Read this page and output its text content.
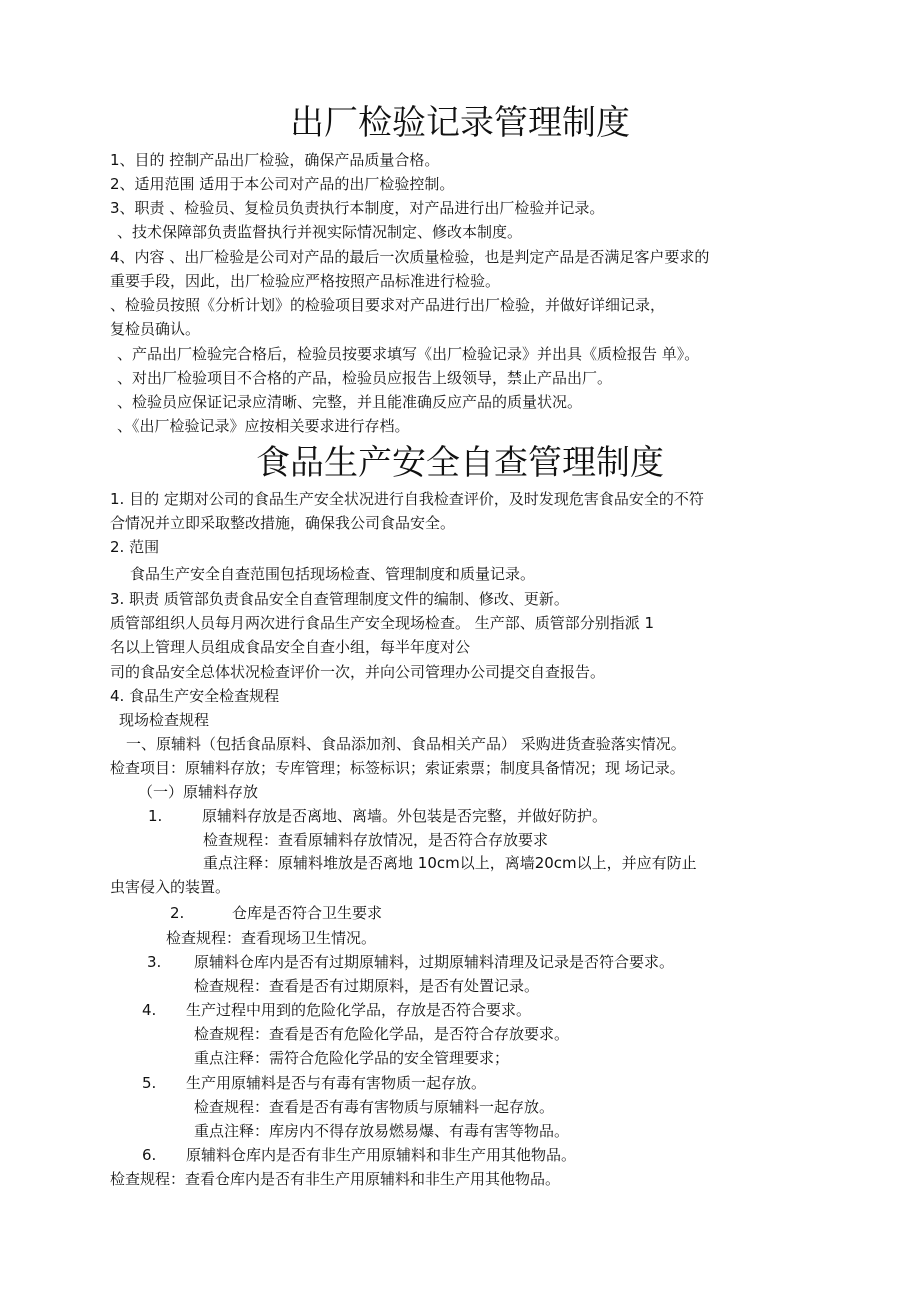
出厂检验记录管理制度
1、目的 控制产品出厂检验，确保产品质量合格。
2、适用范围 适用于本公司对产品的出厂检验控制。
3、职责 、检验员、复检员负责执行本制度，对产品进行出厂检验并记录。
、技术保障部负责监督执行并视实际情况制定、修改本制度。
4、内容 、出厂检验是公司对产品的最后一次质量检验，也是判定产品是否满足客户要求的
重要手段，因此，出厂检验应严格按照产品标准进行检验。
、检验员按照《分析计划》的检验项目要求对产品进行出厂检验，并做好详细记录，
复检员确认。
、产品出厂检验完合格后，检验员按要求填写《出厂检验记录》并出具《质检报告 单》。
、对出厂检验项目不合格的产品，检验员应报告上级领导，禁止产品出厂。
、检验员应保证记录应清晰、完整，并且能准确反应产品的质量状况。
、《出厂检验记录》应按相关要求进行存档。
食品生产安全自查管理制度
1. 目的 定期对公司的食品生产安全状况进行自我检查评价，及时发现危害食品安全的不符
合情况并立即采取整改措施，确保我公司食品安全。
2. 范围
食品生产安全自查范围包括现场检查、管理制度和质量记录。
3. 职责 质管部负责食品安全自查管理制度文件的编制、修改、更新。
质管部组织人员每月两次进行食品生产安全现场检查。 生产部、质管部分别指派 1
名以上管理人员组成食品安全自查小组，每半年度对公
司的食品安全总体状况检查评价一次，并向公司管理办公司提交自查报告。
4. 食品生产安全检查规程
现场检查规程
一、原辅料（包括食品原料、食品添加剂、食品相关产品） 采购进货查验落实情况。
检查项目：原辅料存放；专库管理；标签标识；索证索票；制度具备情况；现 场记录。
（一）原辅料存放
1.	原辅料存放是否离地、离墙。外包装是否完整，并做好防护。
检查规程：查看原辅料存放情况，是否符合存放要求
重点注释：原辅料堆放是否离地 10cm以上，离墙20cm以上，并应有防止
虫害侵入的装置。
2.	仓库是否符合卫生要求
检查规程：查看现场卫生情况。
3. 原辅料仓库内是否有过期原辅料，过期原辅料清理及记录是否符合要求。
检查规程：查看是否有过期原料，是否有处置记录。
4. 生产过程中用到的危险化学品，存放是否符合要求。
检查规程：查看是否有危险化学品，是否符合存放要求。
重点注释：需符合危险化学品的安全管理要求；
5. 生产用原辅料是否与有毒有害物质一起存放。
检查规程：查看是否有毒有害物质与原辅料一起存放。
重点注释：库房内不得存放易燃易爆、有毒有害等物品。
6. 原辅料仓库内是否有非生产用原辅料和非生产用其他物品。
检查规程：查看仓库内是否有非生产用原辅料和非生产用其他物品。
